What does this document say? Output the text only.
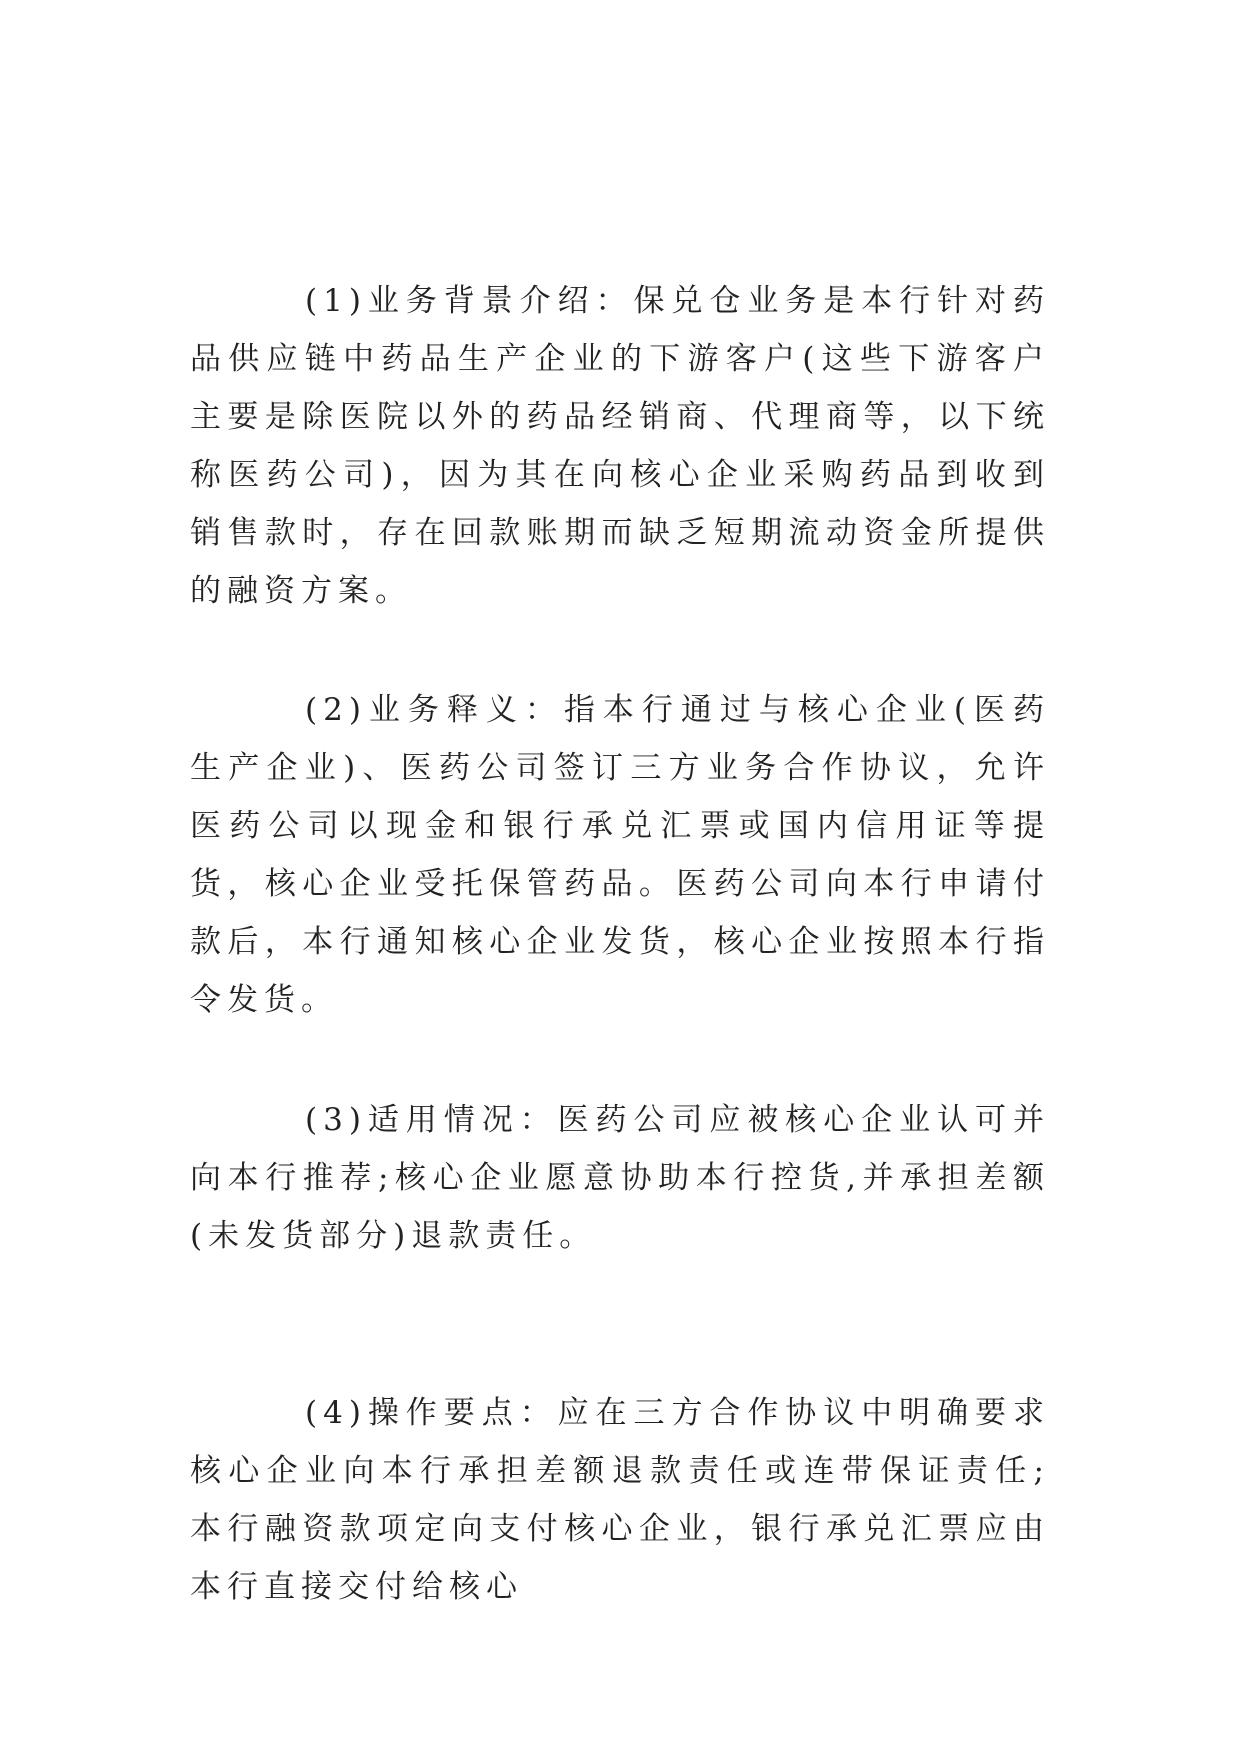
(1)业务背景介绍：保兑仓业务是本行针对药品供应链中药品生产企业的下游客户(这些下游客户主要是除医院以外的药品经销商、代理商等，以下统称医药公司)，因为其在向核心企业采购药品到收到销售款时，存在回款账期而缺乏短期流动资金所提供的融资方案。

(2)业务释义：指本行通过与核心企业(医药生产企业)、医药公司签订三方业务合作协议，允许医药公司以现金和银行承兑汇票或国内信用证等提货，核心企业受托保管药品。医药公司向本行申请付款后，本行通知核心企业发货，核心企业按照本行指令发货。

(3)适用情况：医药公司应被核心企业认可并向本行推荐;核心企业愿意协助本行控货,并承担差额(未发货部分)退款责任。

(4)操作要点：应在三方合作协议中明确要求核心企业向本行承担差额退款责任或连带保证责任;本行融资款项定向支付核心企业，银行承兑汇票应由本行直接交付给核心
